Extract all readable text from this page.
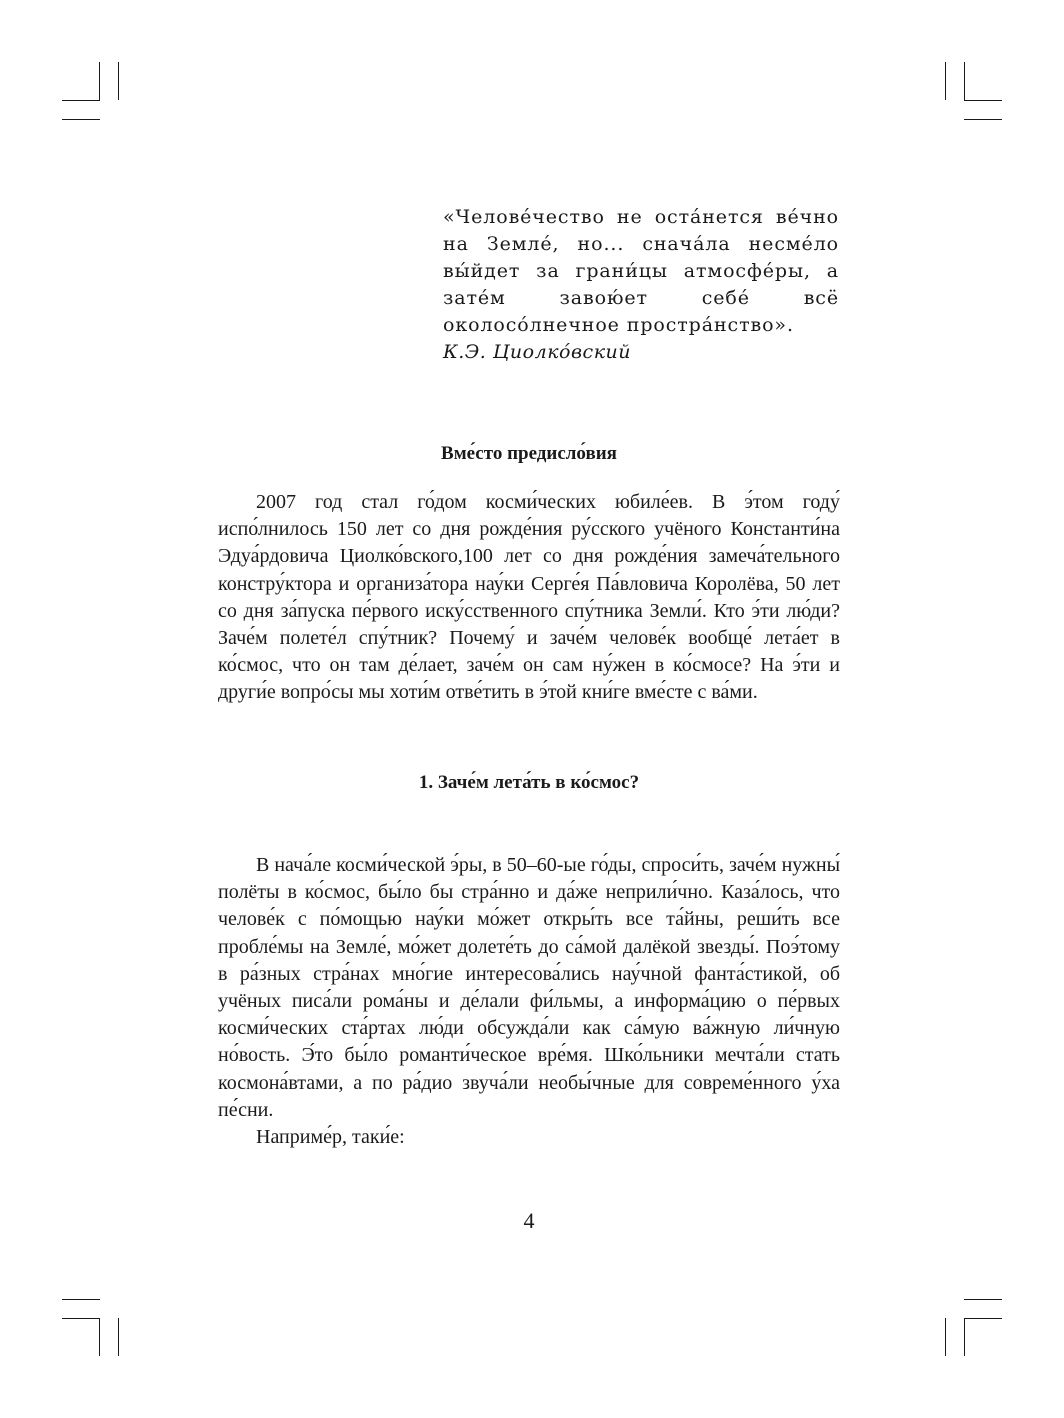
«Челове́чество не оста́нется ве́чно на Земле́, но... снача́ла несме́ло вы́йдет за грани́цы атмосфе́ры, а зате́м завою́ет себе́ всё околосо́лнечное простра́нство».

К.Э. Циолко́вский

Вме́сто предисло́вия

2007 год стал го́дом косми́ческих юбиле́ев. В э́том году́ испо́лнилось 150 лет со дня рожде́ния ру́сского учёного Константи́на Эдуа́рдовича Циолко́вского,100 лет со дня рожде́ния замеча́тельного констру́ктора и организа́тора нау́ки Серге́я Па́вловича Королёва, 50 лет со дня за́пуска пе́рвого иску́сственного спу́тника Земли́. Кто э́ти лю́ди? Заче́м полете́л спу́тник? Почему́ и заче́м челове́к вообще́ лета́ет в ко́смос, что он там де́лает, заче́м он сам ну́жен в ко́смосе? На э́ти и други́е вопро́сы мы хоти́м отве́тить в э́той кни́ге вме́сте с ва́ми.

1. Заче́м лета́ть в ко́смос?

В нача́ле косми́ческой э́ры, в 50–60-ые го́ды, спроси́ть, заче́м нужны́ полёты в ко́смос, бы́ло бы стра́нно и да́же неприли́чно. Каза́лось, что челове́к с по́мощью нау́ки мо́жет откры́ть все та́йны, реши́ть все пробле́мы на Земле́, мо́жет долете́ть до са́мой далёкой звезды́. Поэ́тому в ра́зных стра́нах мно́гие интересова́лись нау́чной фанта́стикой, об учёных писа́ли рома́ны и де́лали фи́льмы, а информа́цию о пе́рвых косми́ческих ста́ртах лю́ди обсужда́ли как са́мую ва́жную ли́чную но́вость. Э́то бы́ло романти́ческое вре́мя. Шко́льники мечта́ли стать космона́втами, а по ра́дио звуча́ли необы́чные для совреме́нного у́ха пе́сни.

Наприме́р, таки́е:

4
